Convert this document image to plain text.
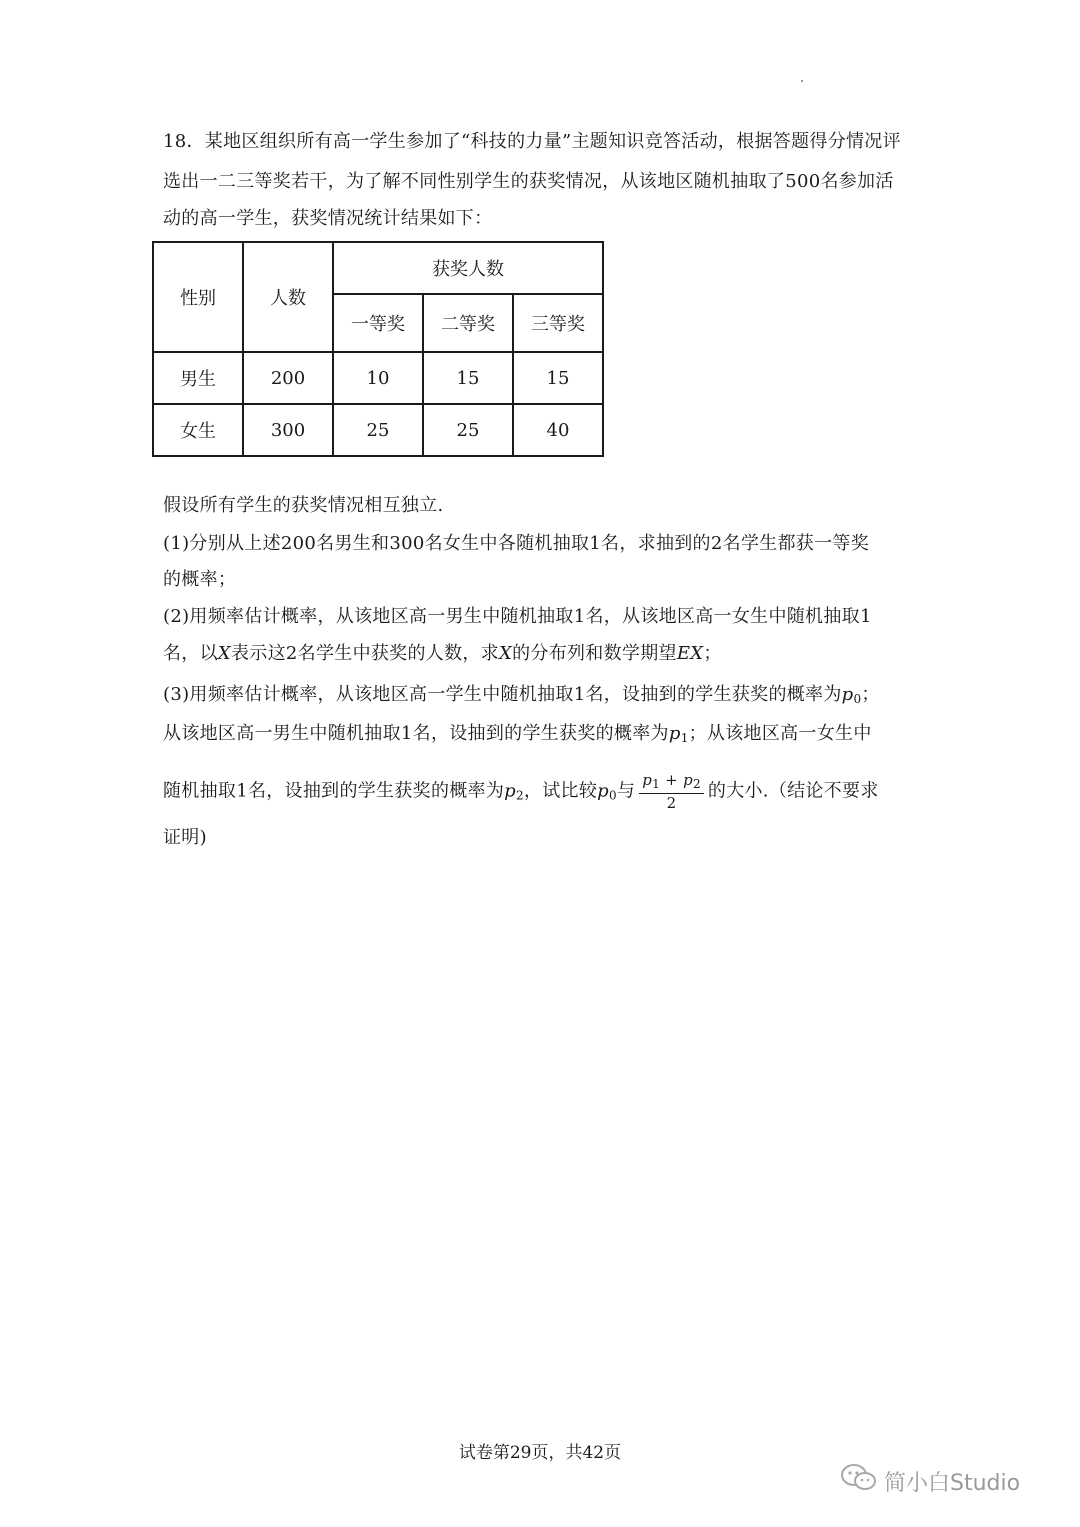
18．某地区组织所有高一学生参加了“科技的力量”主题知识竞答活动，根据答题得分情况评
选出一二三等奖若干，为了解不同性别学生的获奖情况，从该地区随机抽取了500名参加活
动的高一学生，获奖情况统计结果如下：
性别	人数	获奖人数		
		一等奖	二等奖	三等奖
男生	200	10	15	15
女生	300	25	25	40
假设所有学生的获奖情况相互独立.
(1)分别从上述200名男生和300名女生中各随机抽取1名，求抽到的2名学生都获一等奖
的概率；
(2)用频率估计概率，从该地区高一男生中随机抽取1名，从该地区高一女生中随机抽取1
名，以X表示这2名学生中获奖的人数，求X的分布列和数学期望EX；
(3)用频率估计概率，从该地区高一学生中随机抽取1名，设抽到的学生获奖的概率为$p_0$；
从该地区高一男生中随机抽取1名，设抽到的学生获奖的概率为$p_1$；从该地区高一女生中
随机抽取1名，设抽到的学生获奖的概率为$p_2$，试比较$p_0$与 $\frac{p_1 + p_2}{2}$ 的大小.（结论不要求
证明)
试卷第29页，共42页
简小白Studio
